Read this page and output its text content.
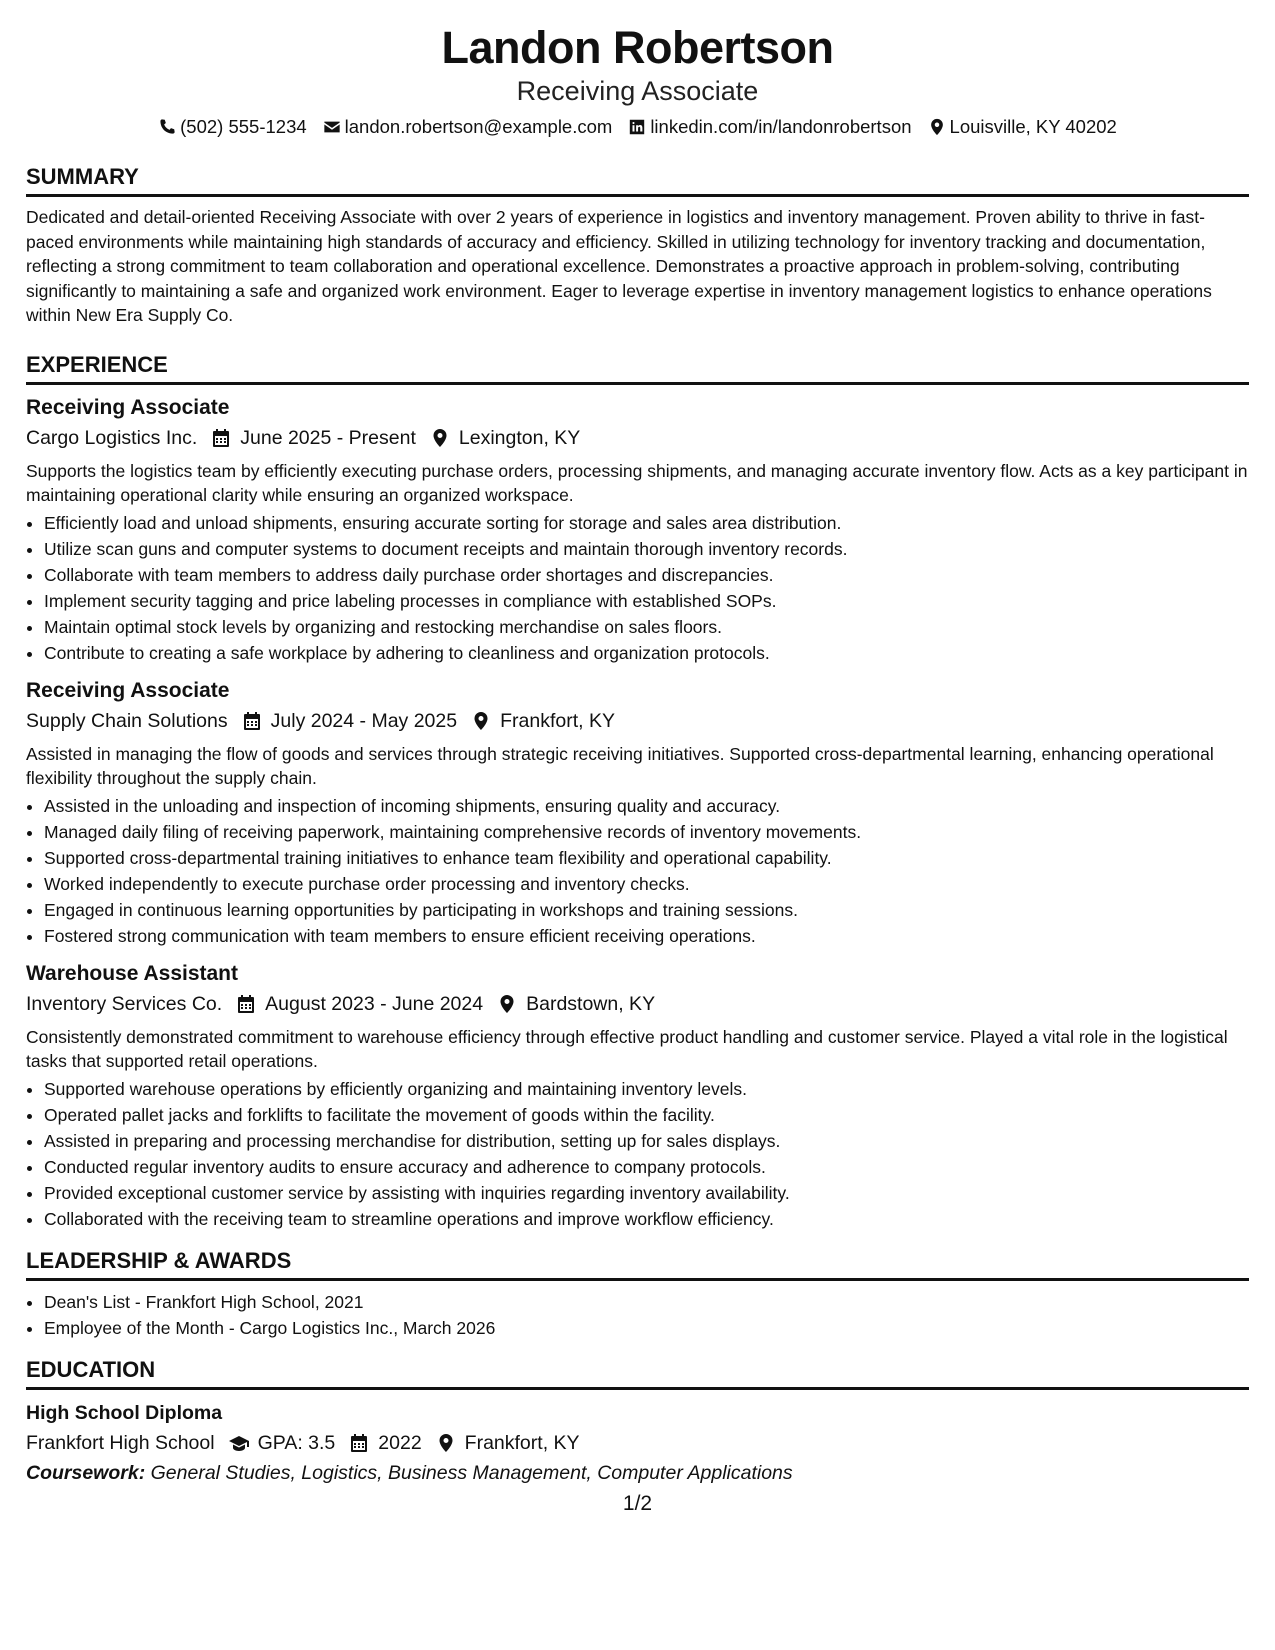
Landon Robertson
Receiving Associate
(502) 555-1234 landon.robertson@example.com linkedin.com/in/landonrobertson Louisville, KY 40202
SUMMARY
Dedicated and detail-oriented Receiving Associate with over 2 years of experience in logistics and inventory management. Proven ability to thrive in fast-paced environments while maintaining high standards of accuracy and efficiency. Skilled in utilizing technology for inventory tracking and documentation, reflecting a strong commitment to team collaboration and operational excellence. Demonstrates a proactive approach in problem-solving, contributing significantly to maintaining a safe and organized work environment. Eager to leverage expertise in inventory management logistics to enhance operations within New Era Supply Co.
EXPERIENCE
Receiving Associate
Cargo Logistics Inc. June 2025 - Present Lexington, KY
Supports the logistics team by efficiently executing purchase orders, processing shipments, and managing accurate inventory flow. Acts as a key participant in maintaining operational clarity while ensuring an organized workspace.
• Efficiently load and unload shipments, ensuring accurate sorting for storage and sales area distribution.
• Utilize scan guns and computer systems to document receipts and maintain thorough inventory records.
• Collaborate with team members to address daily purchase order shortages and discrepancies.
• Implement security tagging and price labeling processes in compliance with established SOPs.
• Maintain optimal stock levels by organizing and restocking merchandise on sales floors.
• Contribute to creating a safe workplace by adhering to cleanliness and organization protocols.
Receiving Associate
Supply Chain Solutions July 2024 - May 2025 Frankfort, KY
Assisted in managing the flow of goods and services through strategic receiving initiatives. Supported cross-departmental learning, enhancing operational flexibility throughout the supply chain.
• Assisted in the unloading and inspection of incoming shipments, ensuring quality and accuracy.
• Managed daily filing of receiving paperwork, maintaining comprehensive records of inventory movements.
• Supported cross-departmental training initiatives to enhance team flexibility and operational capability.
• Worked independently to execute purchase order processing and inventory checks.
• Engaged in continuous learning opportunities by participating in workshops and training sessions.
• Fostered strong communication with team members to ensure efficient receiving operations.
Warehouse Assistant
Inventory Services Co. August 2023 - June 2024 Bardstown, KY
Consistently demonstrated commitment to warehouse efficiency through effective product handling and customer service. Played a vital role in the logistical tasks that supported retail operations.
• Supported warehouse operations by efficiently organizing and maintaining inventory levels.
• Operated pallet jacks and forklifts to facilitate the movement of goods within the facility.
• Assisted in preparing and processing merchandise for distribution, setting up for sales displays.
• Conducted regular inventory audits to ensure accuracy and adherence to company protocols.
• Provided exceptional customer service by assisting with inquiries regarding inventory availability.
• Collaborated with the receiving team to streamline operations and improve workflow efficiency.
LEADERSHIP & AWARDS
• Dean's List - Frankfort High School, 2021
• Employee of the Month - Cargo Logistics Inc., March 2026
EDUCATION
High School Diploma
Frankfort High School GPA: 3.5 2022 Frankfort, KY
Coursework: General Studies, Logistics, Business Management, Computer Applications
1/2
